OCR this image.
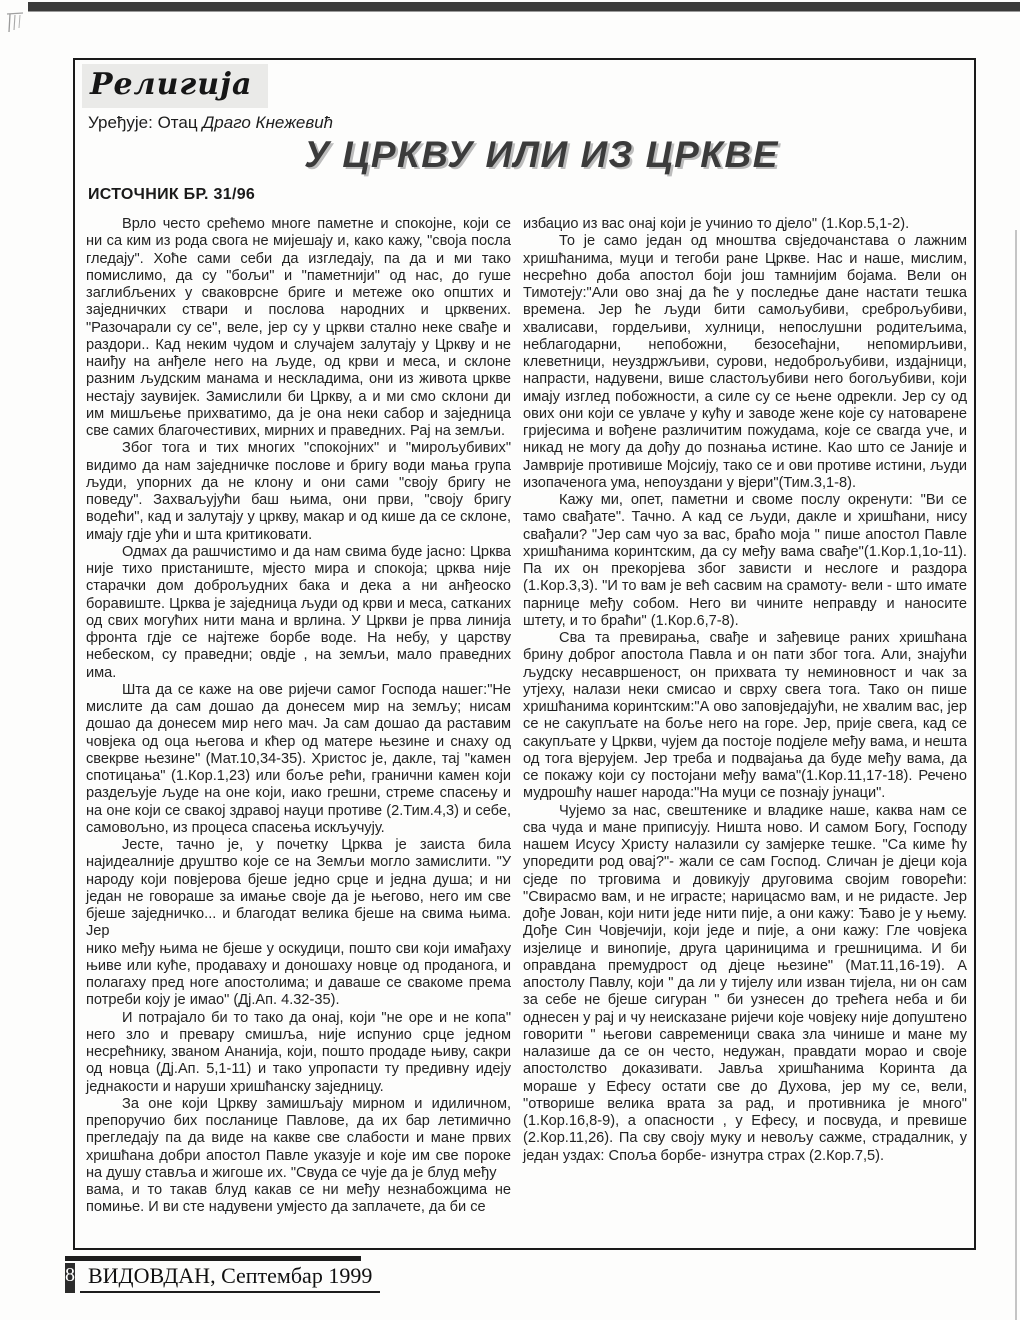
Религија
Уређује: Отац Драго Кнежевић
У ЦРКВУ ИЛИ ИЗ ЦРКВЕ
ИСТОЧНИК БР. 31/96

Врло често срећемо многе паметне и спокојне, који се ни са ким из рода свога не мијешају и, како кажу, "своја посла гледају". Хоће сами себи да изгледају, па да и ми тако помислимо, да су "бољи" и "паметнији" од нас, до гуше заглибљених у сваковрсне бриге и метеже око општих и заједничких ствари и послова народних и црквених. "Разочарали су се", веле, јер су у цркви стално неке свађе и раздори.. Кад неким чудом и случајем залутају у Цркву и не наиђу на анђеле него на људе, од крви и меса, и склоне разним људским манама и нескладима, они из живота цркве нестају заувијек. Замислили би Цркву, а и ми смо склони ди им мишљење прихватимо, да је она неки сабор и заједница све самих благочестивих, мирних и праведних. Рај на земљи.

Због тога и тих многих "спокојних" и "мирољубивих" видимо да нам заједничке послове и бригу води мања група људи, упорних да не клону и они сами "своју бригу не поведу". Захваљујући баш њима, они први, "своју бригу водећи", кад и залутају у цркву, макар и од кише да се склоне, имају гдје ући и шта критиковати.

Одмах да рашчистимо и да нам свима буде јасно: Црква није тихо пристаниште, мјесто мира и спокоја; црква није старачки дом доброљудних бака и дека а ни анђеоско боравиште. Црква је заједница људи од крви и меса, сатканих од свих могућих нити мана и врлина. У Цркви је прва линија фронта гдје се најтеже борбе воде. На небу, у царству небеском, су праведни; овдје , на земљи, мало праведних има.

Шта да се каже на ове ријечи самог Господа нашег:"Не мислите да сам дошао да донесем мир на земљу; нисам дошао да донесем мир него мач. Ја сам дошао да раставим човјека од оца његова и кћер од матере њезине и снаху од свекрве њезине" (Мат.10,34-35). Христос је, дакле, тај "камен спотицања" (1.Кор.1,23) или боље рећи, гранични камен који раздељује људе на оне који, иако грешни, стреме спасењу и на оне који се свакој здравој науци противе (2.Тим.4,3) и себе, самовољно, из процеса спасења искључују.

Јесте, тачно је, у почетку Црква је заиста била најидеалније друштво које се на Земљи могло замислити. "У народу који повјерова бјеше једно срце и једна душа; и ни један не говораше за имање своје да је његово, него им све бјеше заједничко... и благодат велика бјеше на свима њима. Јер

нико међу њима не бјеше у оскудици, пошто сви који имађаху њиве или куће, продаваху и доношаху новце од проданога, и полагаху пред ноге апостолима; и даваше се свакоме према потреби коју је имао" (Дј.Ап. 4.32-35).

И потрајало би то тако да онај, који "не оре и не копа" него зло и превару смишља, није испунио срце једном несрећнику, званом Ананија, који, пошто продаде њиву, сакри од новца (Дј.Ап. 5,1-11) и тако упропасти ту предивну идеју једнакости и наруши хришћанску заједницу.

За оне који Цркву замишљају мирном и идиличном, препоручио бих посланице Павлове, да их бар летимично прегледају па да виде на какве све слабости и мане првих хришћана добри апостол Павле указује и које им све пороке на душу ставља и жигоше их. "Свуда се чује да је блуд међу

вама, и то такав блуд какав се ни међу незнабожцима не помиње. И ви сте надувени умјесто да заплачете, да би се

избацио из вас онај који је учинио то дјело" (1.Кор.5,1-2).

То је само један од мноштва свједочанстава о лажним хришћанима, муци и тегоби ране Цркве. Нас и наше, мислим, несрећно доба апостол боји још тамнијим бојама. Вели он Тимотеју:"Али ово знај да ће у последње дане настати тешка времена. Јер ће људи бити самољубиви, среброљубиви, хвалисави, гордељиви, хулници, непослушни родитељима, неблагодарни, непобожни, безосећајни, непомирљиви, клеветници, неуздржљиви, сурови, недоброљубиви, издајници, напрасти, надувени, више сластољубиви него богољубиви, који имају изглед побожности, а силе су се њене одрекли. Јер су од ових они који се увлаче у кућу и заводе жене које су натоварене гријесима и вођене различитим пожудама, које се свагда уче, и никад не могу да дођу до познања истине. Као што се Јаније и Јамврије противише Мојсију, тако се и ови противе истини, људи изопаченога ума, непоуздани у вјери"(Тим.3,1-8).

Кажу ми, опет, паметни и своме послу окренути: "Ви се тамо свађате". Тачно. А кад се људи, дакле и хришћани, нису свађали? "Јер сам чуо за вас, браћо моја " пише апостол Павле хришћанима коринтским, да су међу вама свађе"(1.Кор.1,1о-11). Па их он прекорјева због зависти и неслоге и раздора (1.Кор.3,3). "И то вам је већ сасвим на срамоту- вели - што имате парнице међу собом. Него ви чините неправду и наносите штету, и то браћи" (1.Кор.6,7-8).

Сва та превирања, свађе и зађевице раних хришћана брину доброг апостола Павла и он пати због тога. Али, знајући људску несавршеност, он прихвата ту неминовност и чак за утјеху, налази неки смисао и сврху свега тога. Тако он пише хришћанима коринтским:"А ово заповједајући, не хвалим вас, јер се не сакупљате на боље него на горе. Јер, прије свега, кад се сакупљате у Цркви, чујем да постоје подјеле међу вама, и нешта од тога вјерујем. Јер треба и подвајања да буде међу вама, да се покажу који су постојани међу вама"(1.Кор.11,17-18). Речено мудрошћу нашег народа:"На муци се познају јунаци".

Чујемо за нас, свештенике и владике наше, каква нам се сва чуда и мане приписују. Ништа ново. И самом Богу, Господу нашем Исусу Христу налазили су замјерке тешке. "Са киме ћу упоредити род овај?"- жали се сам Господ. Сличан је дјеци која сједе по трговима и довикују друговима својим говорећи: "Свирасмо вам, и не играсте; нарицасмо вам, и не ридасте. Јер дође Јован, који нити једе нити пије, а они кажу: Ђаво је у њему. Дође Син Човјечији, који једе и пије, а они кажу: Гле човјека изјелице и винопије, друга цариницима и грешницима. И би оправдана премудрост од дјеце њезине" (Мат.11,16-19). А апостолу Павлу, који " да ли у тијелу или изван тијела, ни он сам за себе не бјеше сигуран " би узнесен до трећега неба и би однесен у рај и чу неисказане ријечи које човјеку није допуштено говорити " његови савременици свака зла чинише и мане му налазише да се он често, недужан, правдати морао и своје апостолство доказивати. Јавља хришћанима Коринта да мораше у Ефесу остати све до Духова, јер му се, вели, "отворише велика врата за рад, и противника је много" (1.Кор.16,8-9), а опасности , у Ефесу, и посвуда, и превише (2.Кор.11,26). Па сву своју муку и невољу сажме, страдалник, у један уздах: Споља борбе- изнутра страх (2.Кор.7,5).

8 ВИДОВДАН, Септембар 1999
